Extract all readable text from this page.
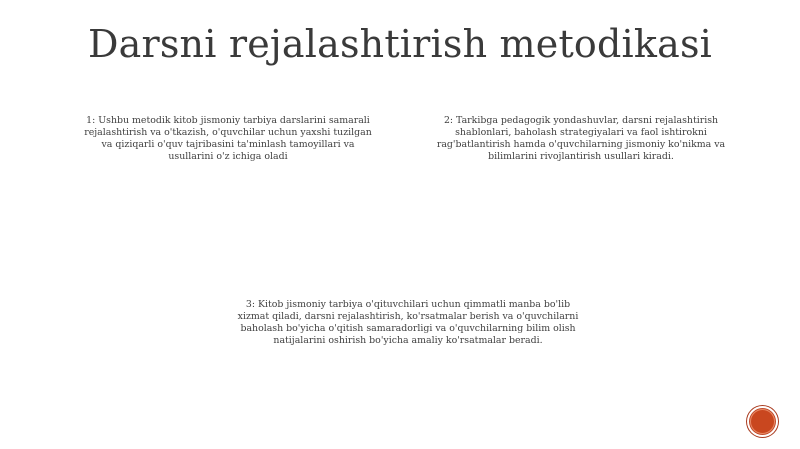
Darsni rejalashtirish metodikasi
1: Ushbu metodik kitob jismoniy tarbiya darslarini samarali rejalashtirish va o'tkazish, o'quvchilar uchun yaxshi tuzilgan va qiziqarli o'quv tajribasini ta'minlash tamoyillari va usullarini o'z ichiga oladi
2: Tarkibga pedagogik yondashuvlar, darsni rejalashtirish shablonlari, baholash strategiyalari va faol ishtirokni rag'batlantirish hamda o'quvchilarning jismoniy ko'nikma va bilimlarini rivojlantirish usullari kiradi.
3: Kitob jismoniy tarbiya o'qituvchilari uchun qimmatli manba bo'lib xizmat qiladi, darsni rejalashtirish, ko'rsatmalar berish va o'quvchilarni baholash bo'yicha o'qitish samaradorligi va o'quvchilarning bilim olish natijalarini oshirish bo'yicha amaliy ko'rsatmalar beradi.
